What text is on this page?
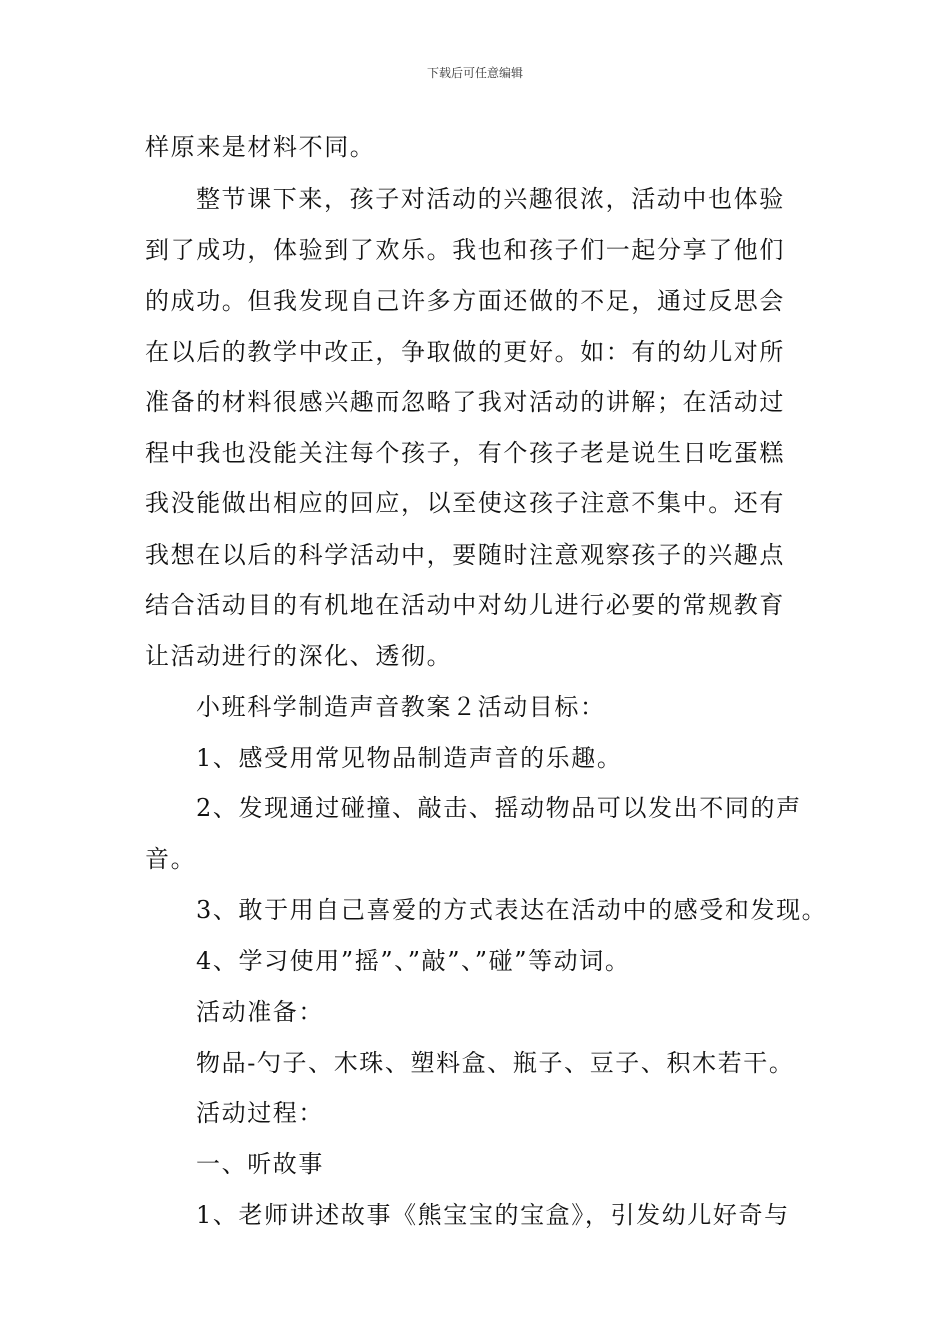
下载后可任意编辑
样原来是材料不同。
整节课下来，孩子对活动的兴趣很浓，活动中也体验
到了成功，体验到了欢乐。我也和孩子们一起分享了他们
的成功。但我发现自己许多方面还做的不足，通过反思会
在以后的教学中改正，争取做的更好。如：有的幼儿对所
准备的材料很感兴趣而忽略了我对活动的讲解；在活动过
程中我也没能关注每个孩子，有个孩子老是说生日吃蛋糕
我没能做出相应的回应，以至使这孩子注意不集中。还有
我想在以后的科学活动中，要随时注意观察孩子的兴趣点
结合活动目的有机地在活动中对幼儿进行必要的常规教育
让活动进行的深化、透彻。
小班科学制造声音教案２活动目标：
1、感受用常见物品制造声音的乐趣。
2、发现通过碰撞、敲击、摇动物品可以发出不同的声
音。
3、敢于用自己喜爱的方式表达在活动中的感受和发现。
4、学习使用”摇”、”敲”、”碰”等动词。
活动准备：
物品-勺子、木珠、塑料盒、瓶子、豆子、积木若干。
活动过程：
一、听故事
1、老师讲述故事《熊宝宝的宝盒》，引发幼儿好奇与
